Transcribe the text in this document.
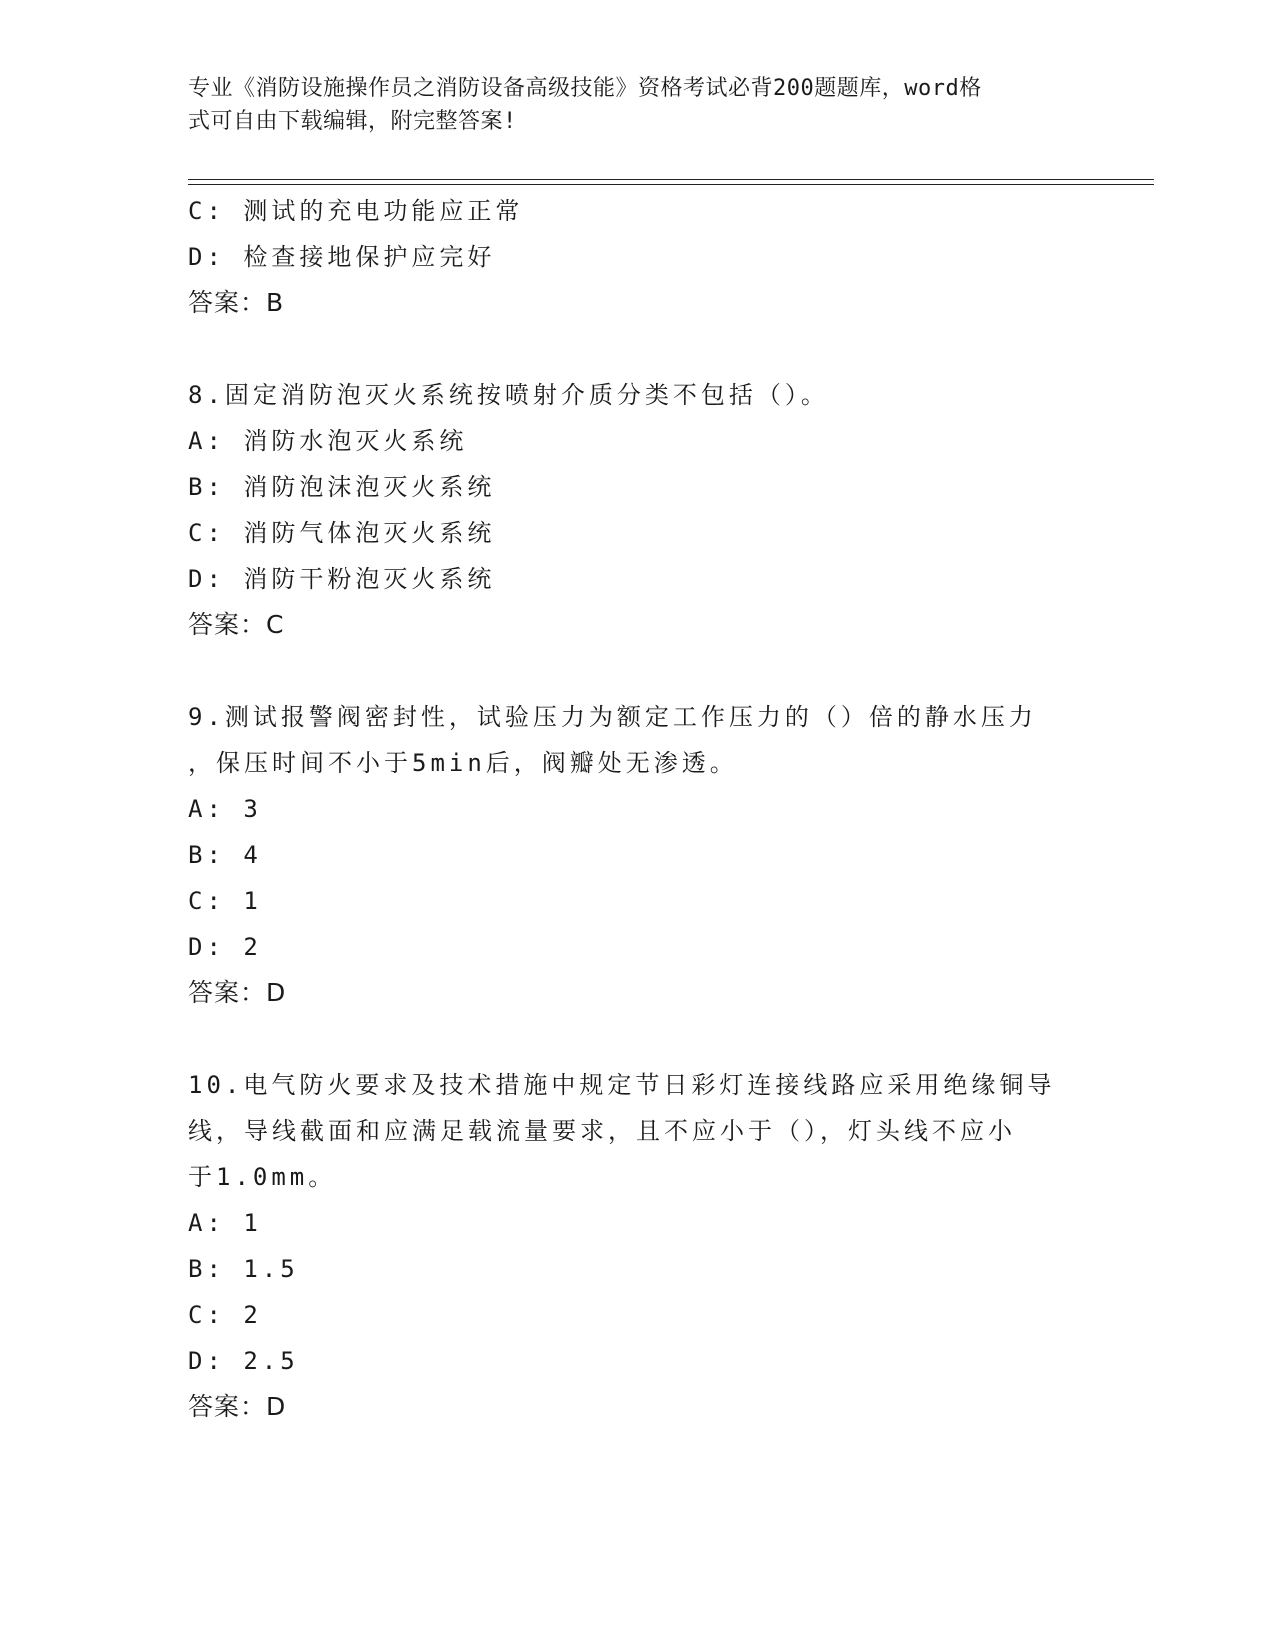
专业《消防设施操作员之消防设备高级技能》资格考试必背200题题库，word格
式可自由下载编辑，附完整答案!
C: 测试的充电功能应正常
D: 检查接地保护应完好
答案：B
8.固定消防泡灭火系统按喷射介质分类不包括（）。
A: 消防水泡灭火系统
B: 消防泡沫泡灭火系统
C: 消防气体泡灭火系统
D: 消防干粉泡灭火系统
答案：C
9.测试报警阀密封性，试验压力为额定工作压力的（）倍的静水压力
，保压时间不小于5min后，阀瓣处无渗透。
A: 3
B: 4
C: 1
D: 2
答案：D
10.电气防火要求及技术措施中规定节日彩灯连接线路应采用绝缘铜导
线，导线截面和应满足载流量要求，且不应小于（），灯头线不应小
于1.0mm。
A: 1
B: 1.5
C: 2
D: 2.5
答案：D
